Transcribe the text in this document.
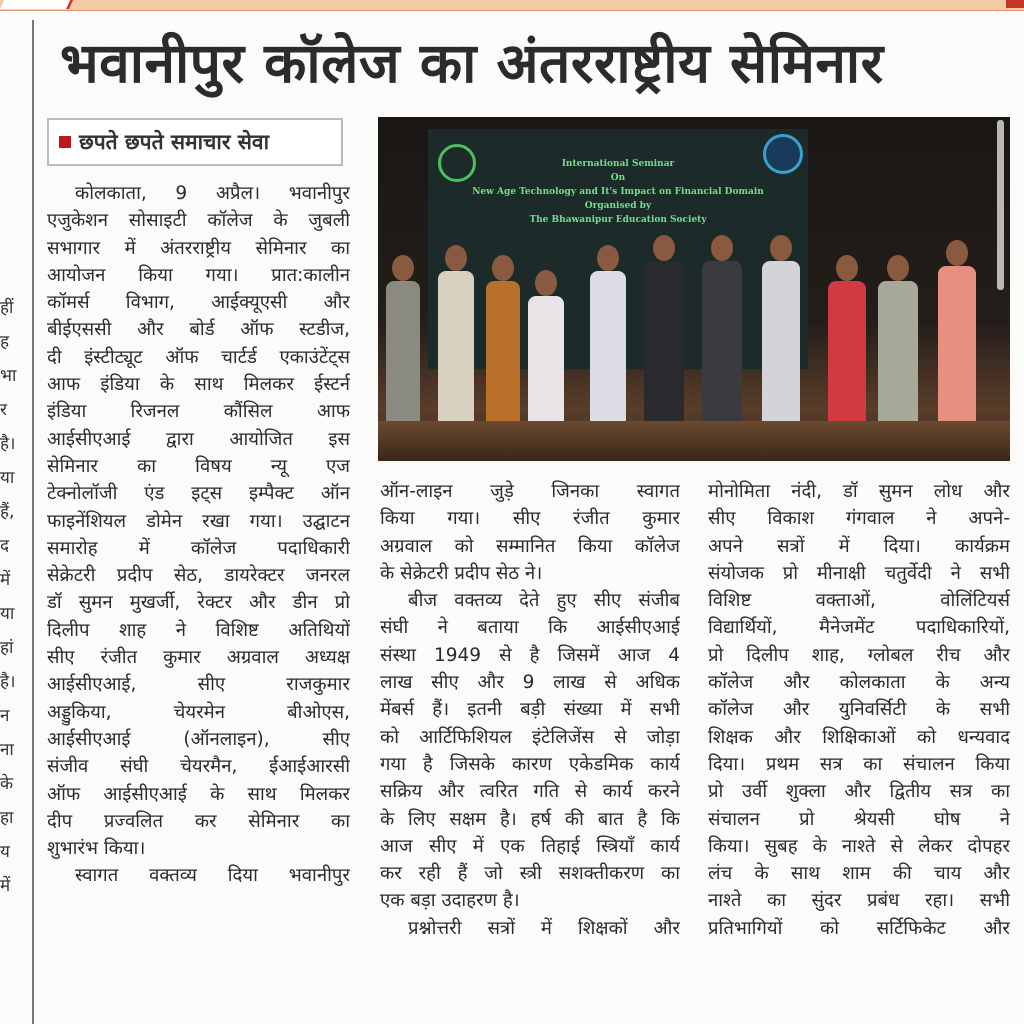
हीं
ह
भा
र
है।
या
हैं,
द
में
या
हां
है।
न
ना
के
हा
य
में
भवानीपुर कॉलेज का अंतरराष्ट्रीय सेमिनार
छपते छपते समाचार सेवा
कोलकाता, 9 अप्रैल। भवानीपुर
एजुकेशन सोसाइटी कॉलेज के जुबली
सभागार में अंतरराष्ट्रीय सेमिनार का
आयोजन किया गया। प्रात:कालीन
कॉमर्स विभाग, आईक्यूएसी और
बीईएससी और बोर्ड ऑफ स्टडीज,
दी इंस्टीट्यूट ऑफ चार्टर्ड एकाउंटेंट्स
आफ इंडिया के साथ मिलकर ईस्टर्न
इंडिया रिजनल कौंसिल आफ
आईसीएआई द्वारा आयोजित इस
सेमिनार का विषय न्यू एज
टेक्नोलॉजी एंड इट्स इम्पैक्ट ऑन
फाइनेंशियल डोमेन रखा गया। उद्घाटन
समारोह में कॉलेज पदाधिकारी
सेक्रेटरी प्रदीप सेठ, डायरेक्टर जनरल
डॉ सुमन मुखर्जी, रेक्टर और डीन प्रो
दिलीप शाह ने विशिष्ट अतिथियों
सीए रंजीत कुमार अग्रवाल अध्यक्ष
आईसीएआई, सीए राजकुमार
अड्डुकिया, चेयरमेन बीओएस,
आईसीएआई (ऑनलाइन), सीए
संजीव संघी चेयरमैन, ईआईआरसी
ऑफ आईसीएआई के साथ मिलकर
दीप प्रज्वलित कर सेमिनार का
शुभारंभ किया।
स्वागत वक्तव्य दिया भवानीपुर
ऑन-लाइन जुड़े जिनका स्वागत
किया गया। सीए रंजीत कुमार
अग्रवाल को सम्मानित किया कॉलेज
के सेक्रेटरी प्रदीप सेठ ने।
बीज वक्तव्य देते हुए सीए संजीब
संघी ने बताया कि आईसीएआई
संस्था 1949 से है जिसमें आज 4
लाख सीए और 9 लाख से अधिक
मेंबर्स हैं। इतनी बड़ी संख्या में सभी
को आर्टिफिशियल इंटेलिजेंस से जोड़ा
गया है जिसके कारण एकेडमिक कार्य
सक्रिय और त्वरित गति से कार्य करने
के लिए सक्षम है। हर्ष की बात है कि
आज सीए में एक तिहाई स्त्रियाँ कार्य
कर रही हैं जो स्त्री सशक्तीकरण का
एक बड़ा उदाहरण है।
प्रश्नोत्तरी सत्रों में शिक्षकों और
मोनोमिता नंदी, डॉ सुमन लोध और
सीए विकाश गंगवाल ने अपने-
अपने सत्रों में दिया। कार्यक्रम
संयोजक प्रो मीनाक्षी चतुर्वेदी ने सभी
विशिष्ट वक्ताओं, वोलिंटियर्स
विद्यार्थियों, मैनेजमेंट पदाधिकारियों,
प्रो दिलीप शाह, ग्लोबल रीच और
कॉलेज और कोलकाता के अन्य
कॉलेज और युनिवर्सिटी के सभी
शिक्षक और शिक्षिकाओं को धन्यवाद
दिया। प्रथम सत्र का संचालन किया
प्रो उर्वी शुक्ला और द्वितीय सत्र का
संचालन प्रो श्रेयसी घोष ने
किया। सुबह के नाश्ते से लेकर दोपहर
लंच के साथ शाम की चाय और
नाश्ते का सुंदर प्रबंध रहा। सभी
प्रतिभागियों को सर्टिफिकेट और
International Seminar
On
New Age Technology and It's Impact on Financial Domain
Organised by
The Bhawanipur Education Society
